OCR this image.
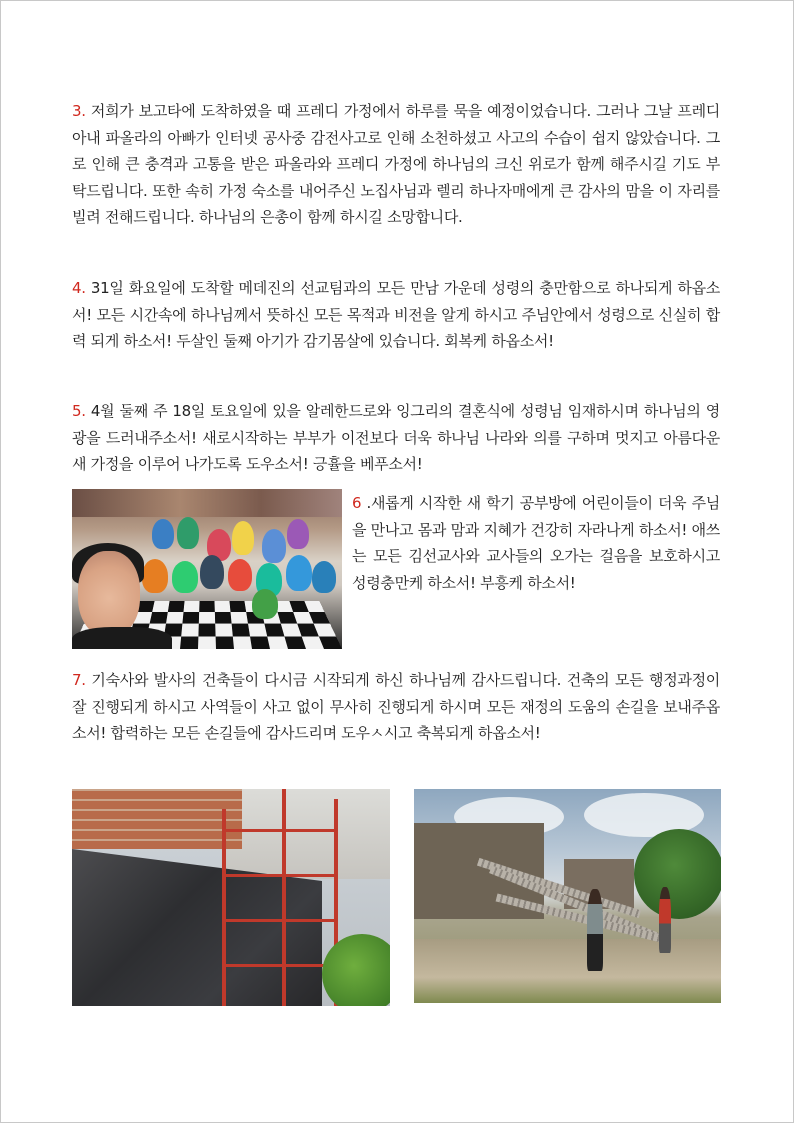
3. 저희가 보고타에 도착하였을 때 프레디 가정에서 하루를 묵을 예정이었습니다. 그러나 그날 프레디 아내 파올라의 아빠가 인터넷 공사중 감전사고로 인해 소천하셨고 사고의 수습이 쉽지 않았습니다. 그로 인해 큰 충격과 고통을 받은 파올라와 프레디 가정에 하나님의 크신 위로가 함께 해주시길 기도 부탁드립니다. 또한 속히 가정 숙소를 내어주신 노집사님과 렐리 하나자매에게 큰 감사의 맘을 이 자리를 빌려 전해드립니다. 하나님의 은총이 함께 하시길 소망합니다.
4. 31일 화요일에 도착할 메데진의 선교팀과의 모든 만남 가운데 성령의 충만함으로 하나되게 하옵소서! 모든 시간속에 하나님께서 뜻하신 모든 목적과 비전을 알게 하시고 주님안에서 성령으로 신실히 합력 되게 하소서! 두살인 둘째 아기가 감기몸살에 있습니다. 회복케 하옵소서!
5. 4월 둘째 주 18일 토요일에 있을 알레한드로와 잉그리의 결혼식에 성령님 임재하시며 하나님의 영광을 드러내주소서! 새로시작하는 부부가 이전보다 더욱 하나님 나라와 의를 구하며 멋지고 아름다운 새 가정을 이루어 나가도록 도우소서! 긍휼을 베푸소서!
6 .새롭게 시작한 새 학기 공부방에 어린이들이 더욱 주님을 만나고 몸과 맘과 지혜가 건강히 자라나게 하소서! 애쓰는 모든 김선교사와 교사들의 오가는 걸음을 보호하시고 성령충만케 하소서! 부흥케 하소서!
7. 기숙사와 발사의 건축들이 다시금 시작되게 하신 하나님께 감사드립니다. 건축의 모든 행정과정이 잘 진행되게 하시고 사역들이 사고 없이 무사히 진행되게 하시며 모든 재정의 도움의 손길을 보내주옵소서! 합력하는 모든 손길들에 감사드리며 도우ㅅ시고 축복되게 하옵소서!
